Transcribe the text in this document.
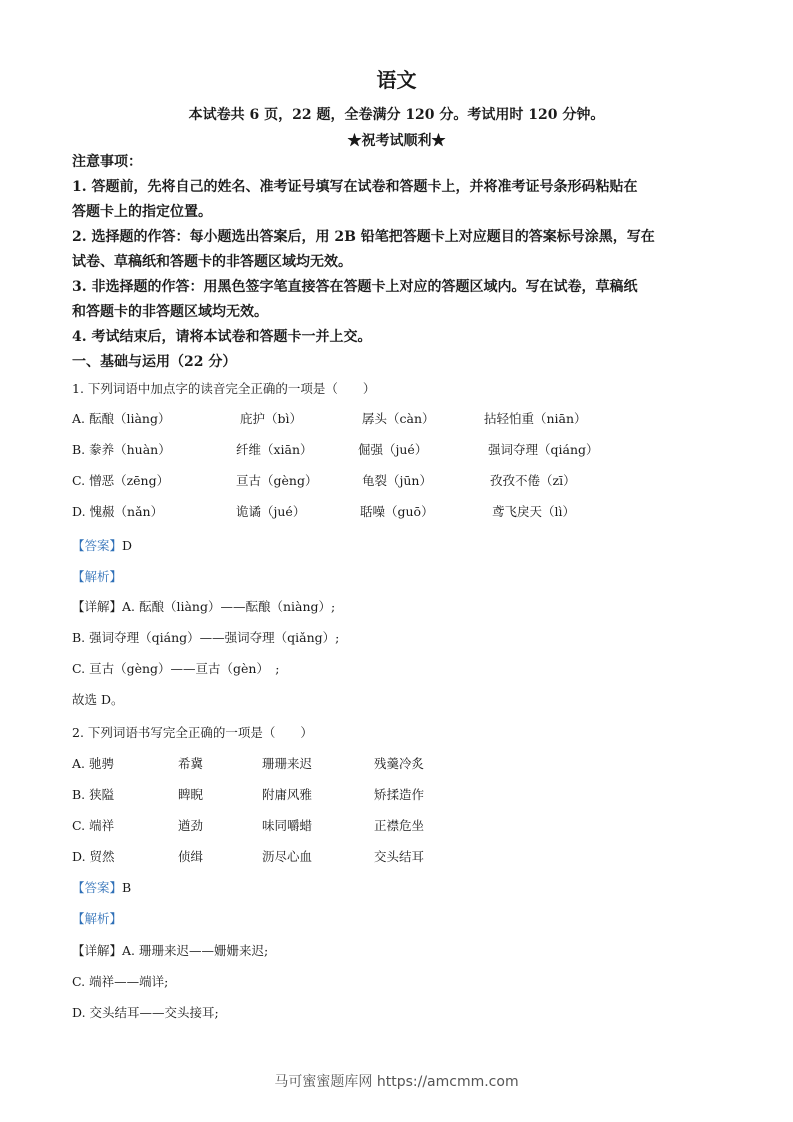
语文
本试卷共 6 页，22 题，全卷满分 120 分。考试用时 120 分钟。
★祝考试顺利★
注意事项：
1. 答题前，先将自己的姓名、准考证号填写在试卷和答题卡上，并将准考证号条形码粘贴在
答题卡上的指定位置。
2. 选择题的作答：每小题选出答案后，用 2B 铅笔把答题卡上对应题目的答案标号涂黑，写在
试卷、草稿纸和答题卡的非答题区域均无效。
3. 非选择题的作答：用黑色签字笔直接答在答题卡上对应的答题区域内。写在试卷，草稿纸
和答题卡的非答题区域均无效。
4. 考试结束后，请将本试卷和答题卡一并上交。
一、基础与运用（22 分）
1. 下列词语中加点字的读音完全正确的一项是（　　）
A. 酝酿（liàng）	庇护（bì）	孱头（càn）	拈轻怕重（niān）
B. 豢养（huàn）	纤维（xiān）	倔强（jué）	强词夺理（qiáng）
C. 憎恶（zēng）	亘古（gèng）	龟裂（jūn）	孜孜不倦（zī）
D. 愧赧（nǎn）	诡谲（jué）	聒噪（guō）	鸢飞戾天（lì）
【答案】D
【解析】
【详解】A. 酝酿（liàng）——酝酿（niàng）;
B. 强词夺理（qiáng）——强词夺理（qiǎng）;
C. 亘古（gèng）——亘古（gèn）　;
故选 D。
2. 下列词语书写完全正确的一项是（　　）
A. 驰骋	希冀	珊珊来迟	残羹冷炙
B. 狭隘	睥睨	附庸风雅	矫揉造作
C. 端祥	遒劲	味同嚼蜡	正襟危坐
D. 贸然	侦缉	沥尽心血	交头结耳
【答案】B
【解析】
【详解】A. 珊珊来迟——姗姗来迟;
C. 端祥——端详;
D. 交头结耳——交头接耳;
马可蜜蜜题库网 https://amcmm.com
